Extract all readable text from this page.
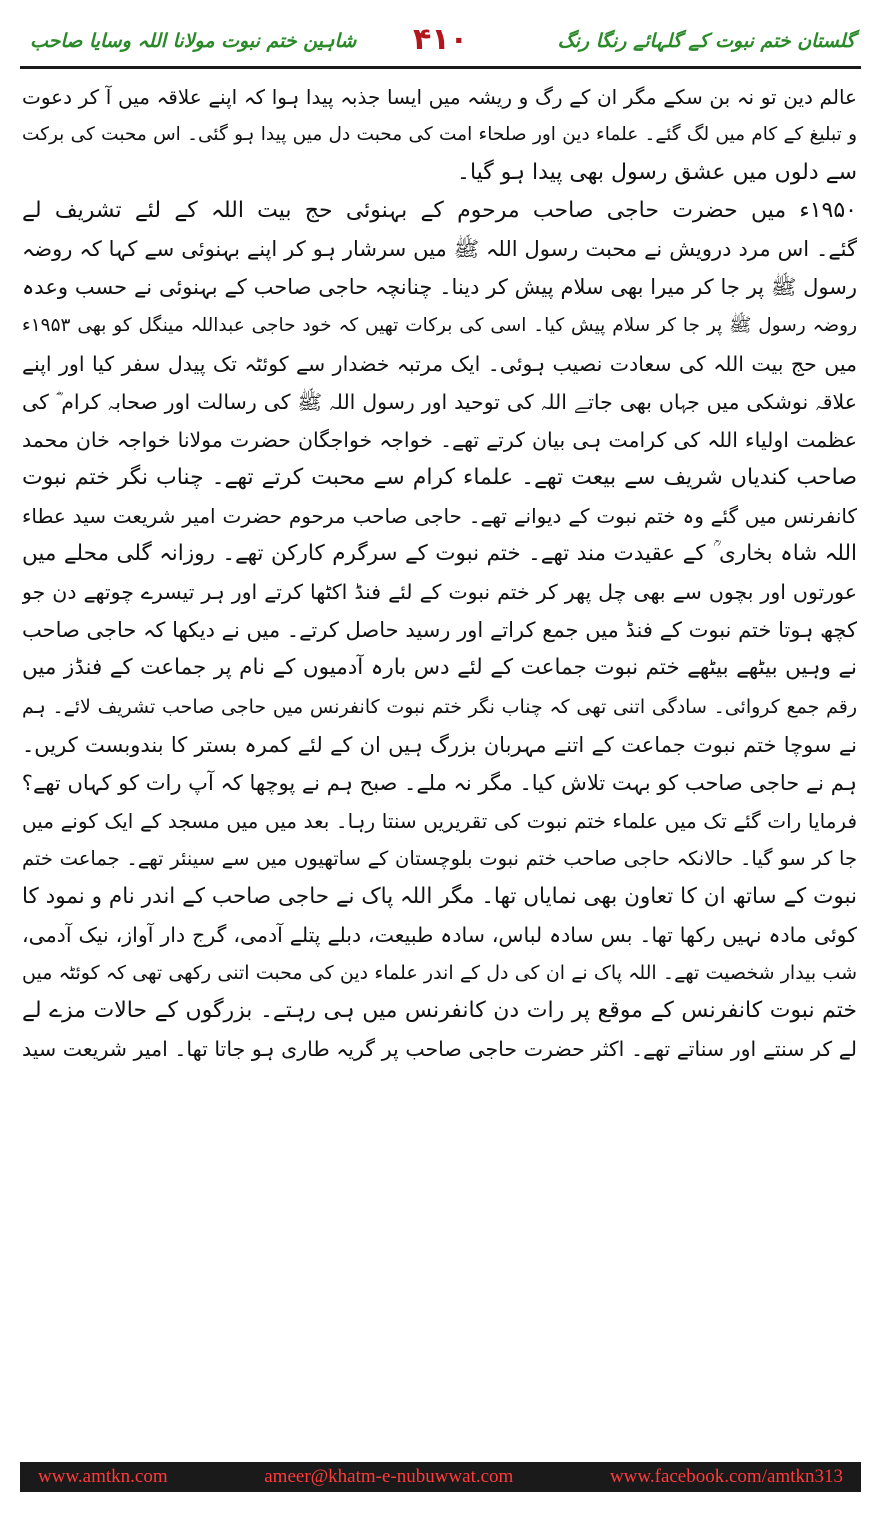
گلستان ختم نبوت کے گلہائے رنگا رنگ
۴۱۰
شاہین ختم نبوت مولانا اللہ وسایا صاحب
عالم دین تو نہ بن سکے مگر ان کے رگ و ریشہ میں ایسا جذبہ پیدا ہوا کہ اپنے علاقہ میں آ کر دعوت
و تبلیغ کے کام میں لگ گئے۔ علماء دین اور صلحاء امت کی محبت دل میں پیدا ہو گئی۔ اس محبت کی برکت
سے دلوں میں عشق رسول بھی پیدا ہو گیا۔
۱۹۵۰ء میں حضرت حاجی صاحب مرحوم کے بہنوئی حج بیت اللہ کے لئے تشریف لے
گئے۔ اس مرد درویش نے محبت رسول اللہ ﷺ میں سرشار ہو کر اپنے بہنوئی سے کہا کہ روضہ
رسول ﷺ پر جا کر میرا بھی سلام پیش کر دینا۔ چنانچہ حاجی صاحب کے بہنوئی نے حسب وعدہ
روضہ رسول ﷺ پر جا کر سلام پیش کیا۔ اسی کی برکات تھیں کہ خود حاجی عبداللہ مینگل کو بھی ۱۹۵۳ء
میں حج بیت اللہ کی سعادت نصیب ہوئی۔ ایک مرتبہ خضدار سے کوئٹہ تک پیدل سفر کیا اور اپنے
علاقہ نوشکی میں جہاں بھی جاتے اللہ کی توحید اور رسول اللہ ﷺ کی رسالت اور صحابہ کرام ؓ کی
عظمت اولیاء اللہ کی کرامت ہی بیان کرتے تھے۔ خواجہ خواجگان حضرت مولانا خواجہ خان محمد
صاحب کندیاں شریف سے بیعت تھے۔ علماء کرام سے محبت کرتے تھے۔ چناب نگر ختم نبوت
کانفرنس میں گئے وہ ختم نبوت کے دیوانے تھے۔ حاجی صاحب مرحوم حضرت امیر شریعت سید عطاء
اللہ شاہ بخاری ؒ کے عقیدت مند تھے۔ ختم نبوت کے سرگرم کارکن تھے۔ روزانہ گلی محلے میں
عورتوں اور بچوں سے بھی چل پھر کر ختم نبوت کے لئے فنڈ اکٹھا کرتے اور ہر تیسرے چوتھے دن جو
کچھ ہوتا ختم نبوت کے فنڈ میں جمع کراتے اور رسید حاصل کرتے۔ میں نے دیکھا کہ حاجی صاحب
نے وہیں بیٹھے بیٹھے ختم نبوت جماعت کے لئے دس بارہ آدمیوں کے نام پر جماعت کے فنڈز میں
رقم جمع کروائی۔ سادگی اتنی تھی کہ چناب نگر ختم نبوت کانفرنس میں حاجی صاحب تشریف لائے۔ ہم
نے سوچا ختم نبوت جماعت کے اتنے مہربان بزرگ ہیں ان کے لئے کمرہ بستر کا بندوبست کریں۔
ہم نے حاجی صاحب کو بہت تلاش کیا۔ مگر نہ ملے۔ صبح ہم نے پوچھا کہ آپ رات کو کہاں تھے؟
فرمایا رات گئے تک میں علماء ختم نبوت کی تقریریں سنتا رہا۔ بعد میں میں مسجد کے ایک کونے میں
جا کر سو گیا۔ حالانکہ حاجی صاحب ختم نبوت بلوچستان کے ساتھیوں میں سے سینئر تھے۔ جماعت ختم
نبوت کے ساتھ ان کا تعاون بھی نمایاں تھا۔ مگر اللہ پاک نے حاجی صاحب کے اندر نام و نمود کا
کوئی مادہ نہیں رکھا تھا۔ بس سادہ لباس، سادہ طبیعت، دبلے پتلے آدمی، گرج دار آواز، نیک آدمی،
شب بیدار شخصیت تھے۔ اللہ پاک نے ان کی دل کے اندر علماء دین کی محبت اتنی رکھی تھی کہ کوئٹہ میں
ختم نبوت کانفرنس کے موقع پر رات دن کانفرنس میں ہی رہتے۔ بزرگوں کے حالات مزے لے
لے کر سنتے اور سناتے تھے۔ اکثر حضرت حاجی صاحب پر گریہ طاری ہو جاتا تھا۔ امیر شریعت سید
www.amtkn.com	ameer@khatm-e-nubuwwat.com	www.facebook.com/amtkn313
